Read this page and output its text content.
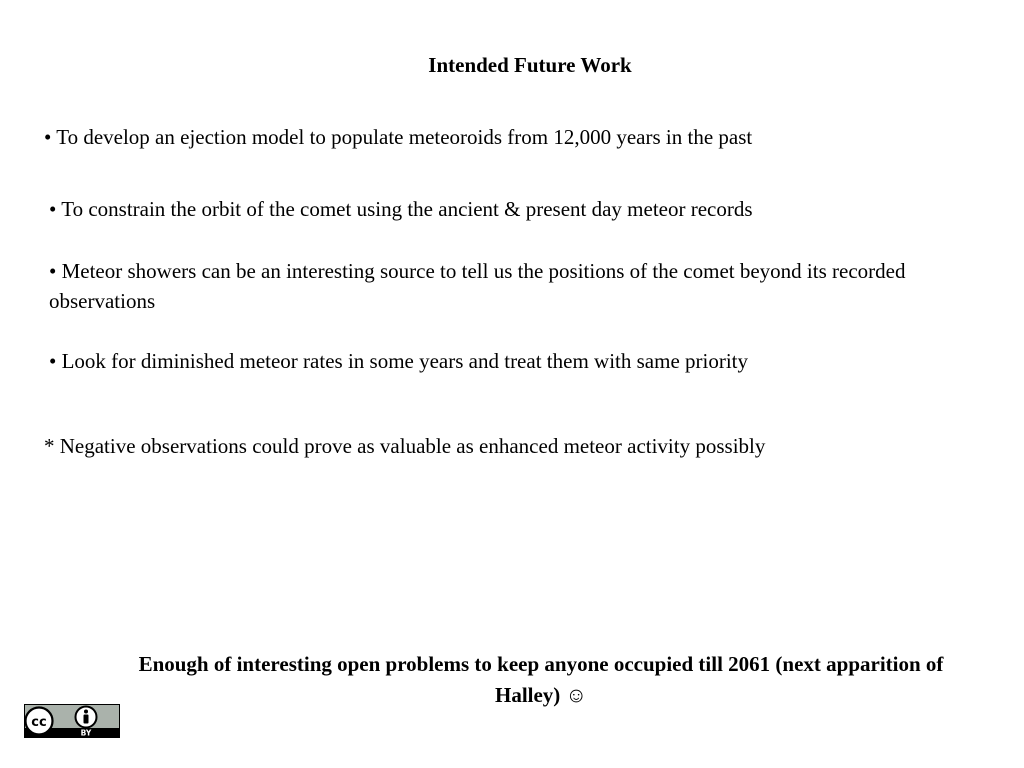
Intended Future Work
• To develop an ejection model to populate meteoroids from 12,000 years in the past
• To constrain the orbit of the comet using the ancient & present day meteor records
• Meteor showers can be an interesting source to tell us the positions of the comet beyond its recorded observations
• Look for diminished meteor rates in some years and treat them with same priority
* Negative observations could prove as valuable as enhanced meteor activity possibly
Enough of interesting open problems to keep anyone occupied till 2061 (next apparition of Halley) ☺
cc
BY
